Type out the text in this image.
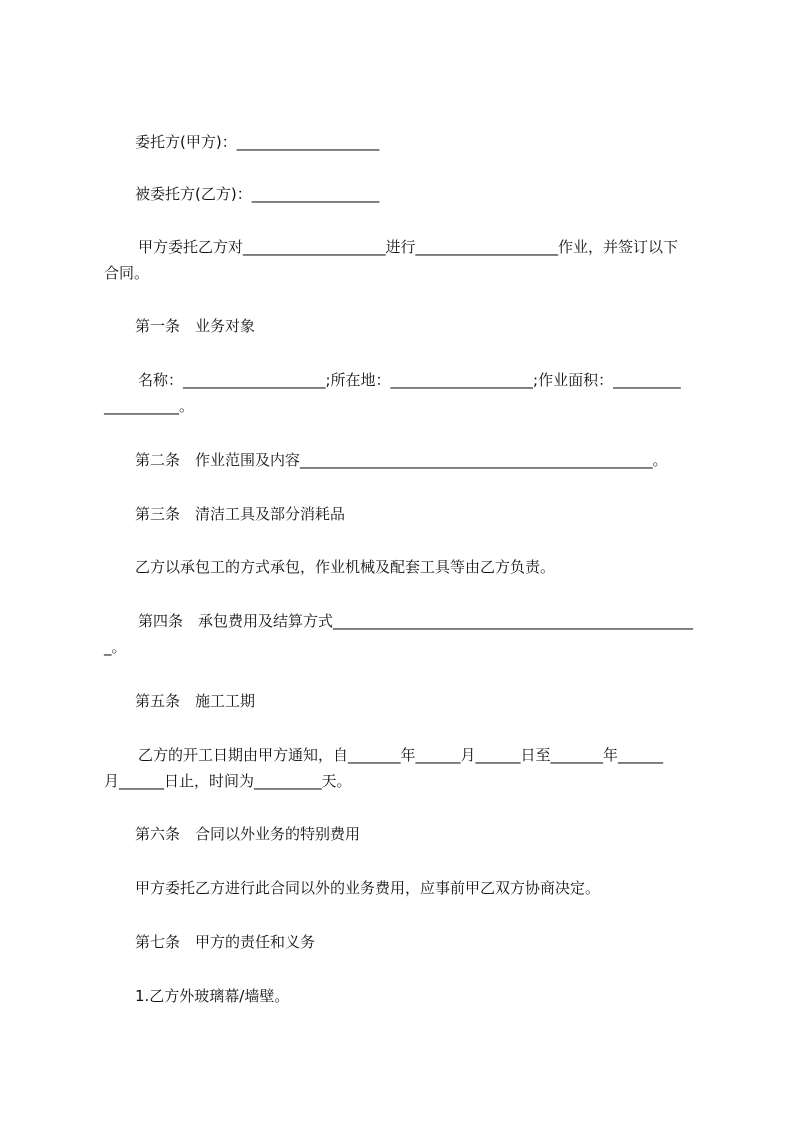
委托方(甲方)：___________________
被委托方(乙方)：_________________
甲方委托乙方对___________________进行___________________作业，并签订以下
合同。
第一条　业务对象
名称：___________________;所在地：___________________;作业面积：_________
__________。
第二条　作业范围及内容_______________________________________________。
第三条　清洁工具及部分消耗品
乙方以承包工的方式承包，作业机械及配套工具等由乙方负责。
第四条　承包费用及结算方式________________________________________________
_。
第五条　施工工期
乙方的开工日期由甲方通知，自_______年______月______日至_______年______
月______日止，时间为_________天。
第六条　合同以外业务的特别费用
甲方委托乙方进行此合同以外的业务费用，应事前甲乙双方协商决定。
第七条　甲方的责任和义务
1.乙方外玻璃幕/墙壁。
